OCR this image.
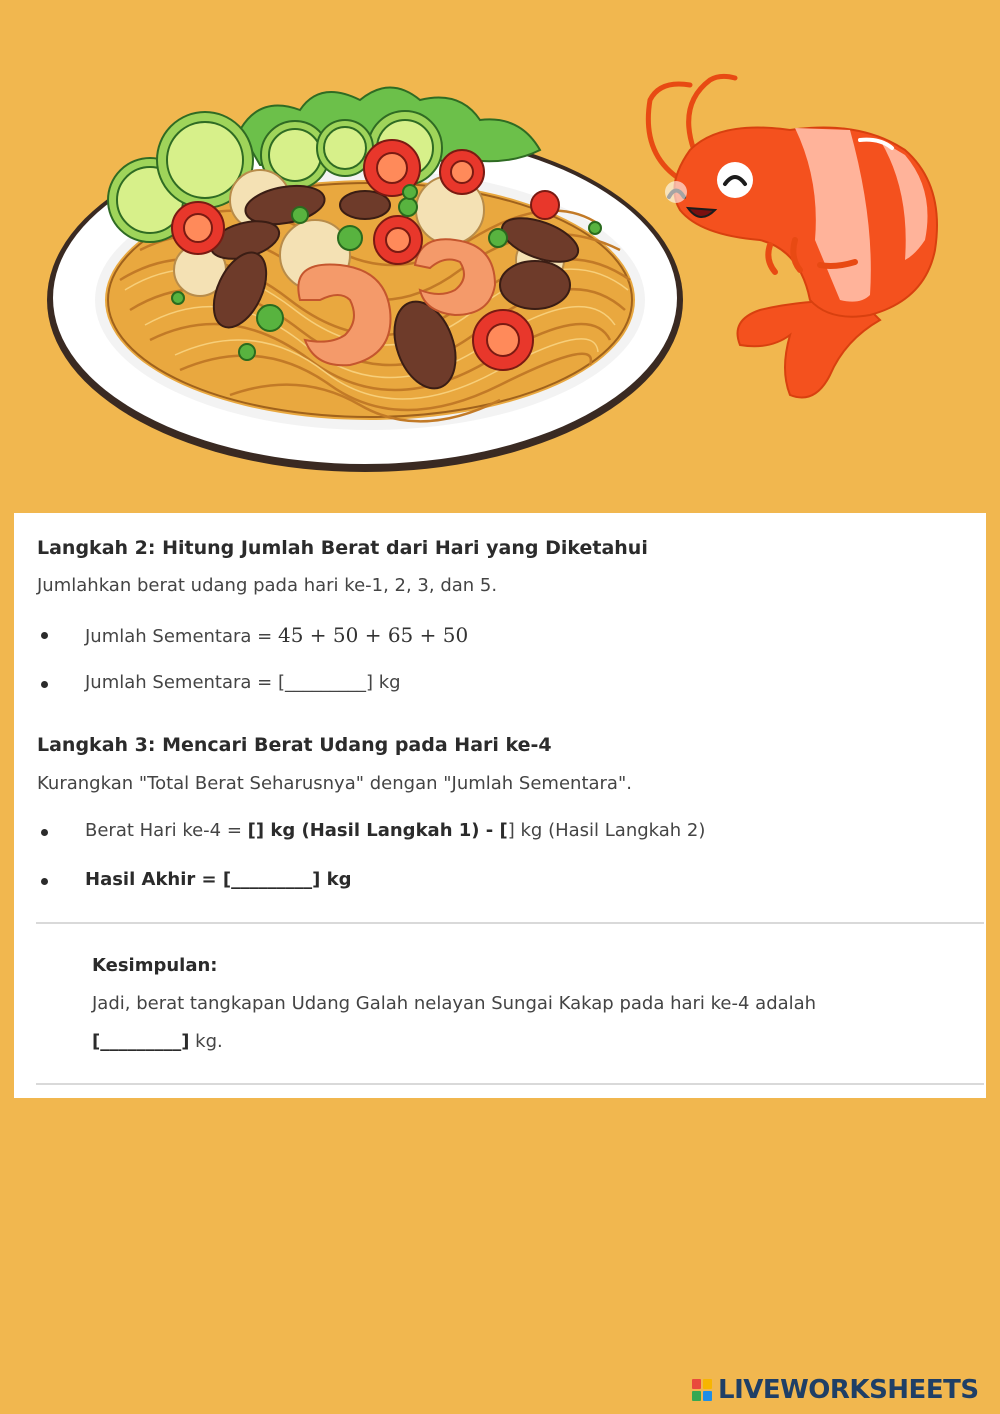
Langkah 2: Hitung Jumlah Berat dari Hari yang Diketahui
Jumlahkan berat udang pada hari ke-1, 2, 3, dan 5.
Jumlah Sementara = 45 + 50 + 65 + 50
Jumlah Sementara = [_________] kg
Langkah 3: Mencari Berat Udang pada Hari ke-4
Kurangkan "Total Berat Seharusnya" dengan "Jumlah Sementara".
Berat Hari ke-4 = [] kg (Hasil Langkah 1) - [] kg (Hasil Langkah 2)
Hasil Akhir = [_________] kg
Kesimpulan:
Jadi, berat tangkapan Udang Galah nelayan Sungai Kakap pada hari ke-4 adalah
[_________] kg.
LIVEWORKSHEETS
